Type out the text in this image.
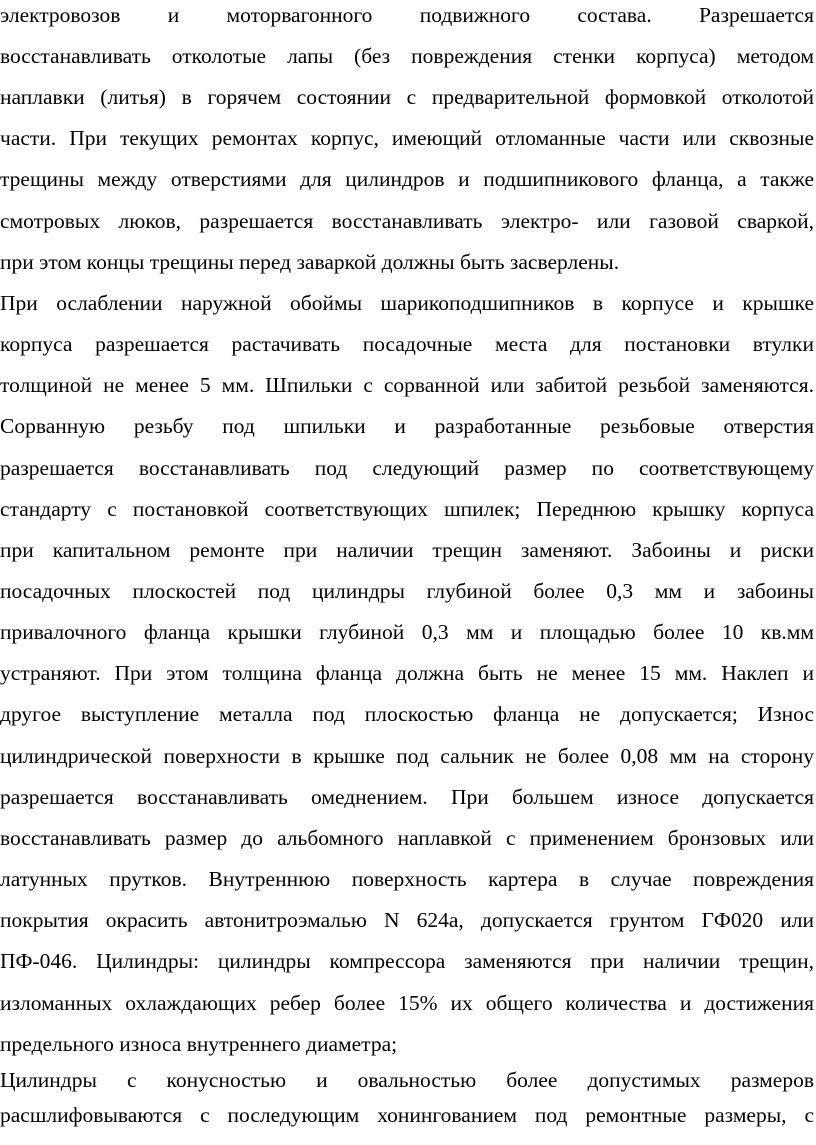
электровозов и моторвагонного подвижного состава. Разрешается
восстанавливать отколотые лапы (без повреждения стенки корпуса) методом
наплавки (литья) в горячем состоянии с предварительной формовкой отколотой
части. При текущих ремонтах корпус, имеющий отломанные части или сквозные
трещины между отверстиями для цилиндров и подшипникового фланца, а также
смотровых люков, разрешается восстанавливать электро- или газовой сваркой,
при этом концы трещины перед заваркой должны быть засверлены.
При ослаблении наружной обоймы шарикоподшипников в корпусе и крышке
корпуса разрешается растачивать посадочные места для постановки втулки
толщиной не менее 5 мм. Шпильки с сорванной или забитой резьбой заменяются.
Сорванную резьбу под шпильки и разработанные резьбовые отверстия
разрешается восстанавливать под следующий размер по соответствующему
стандарту с постановкой соответствующих шпилек; Переднюю крышку корпуса
при капитальном ремонте при наличии трещин заменяют. Забоины и риски
посадочных плоскостей под цилиндры глубиной более 0,3 мм и забоины
привалочного фланца крышки глубиной 0,3 мм и площадью более 10 кв.мм
устраняют. При этом толщина фланца должна быть не менее 15 мм. Наклеп и
другое выступление металла под плоскостью фланца не допускается; Износ
цилиндрической поверхности в крышке под сальник не более 0,08 мм на сторону
разрешается восстанавливать омеднением. При большем износе допускается
восстанавливать размер до альбомного наплавкой с применением бронзовых или
латунных прутков. Внутреннюю поверхность картера в случае повреждения
покрытия окрасить автонитроэмалью N 624а, допускается грунтом ГФ020 или
ПФ-046. Цилиндры: цилиндры компрессора заменяются при наличии трещин,
изломанных охлаждающих ребер более 15% их общего количества и достижения
предельного износа внутреннего диаметра;
Цилиндры с конусностью и овальностью более допустимых размеров
расшлифовываются с последующим хонингованием под ремонтные размеры, с
